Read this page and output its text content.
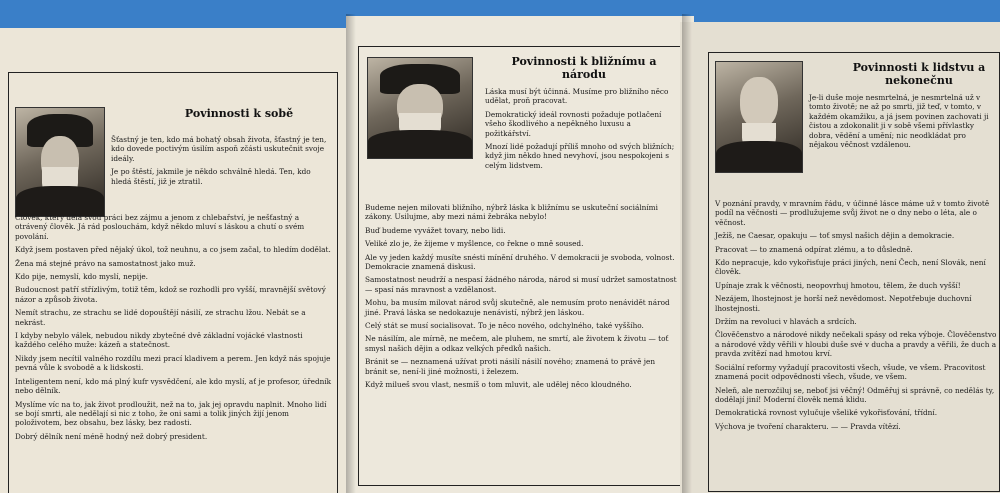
Povinnosti k sobě

Šťastný je ten, kdo má bohatý obsah života, šťastný je ten, kdo dovede poctivým úsilím aspoň zčásti uskutečnit svoje ideály.

Je po štěstí, jakmile je někdo schválně hledá. Ten, kdo hledá štěstí, již je ztratil.

Člověk, který dělá svou práci bez zájmu a jenom z chlebařství, je nešťastný a otrávený člověk. Já rád poslouchám, když někdo mluví s láskou a chutí o svém povolání.

Když jsem postaven před nějaký úkol, tož neuhnu, a co jsem začal, to hledím dodělat.

Žena má stejné právo na samostatnost jako muž.

Kdo pije, nemyslí, kdo myslí, nepije.

Budoucnost patří střízlivým, totiž těm, kdož se rozhodli pro vyšší, mravnější světový názor a způsob života.

Nemít strachu, ze strachu se lidé dopouštějí násilí, ze strachu lžou. Nebát se a nekrást.

I kdyby nebylo válek, nebudou nikdy zbytečné dvě základní vojácké vlastnosti každého celého muže: kázeň a statečnost.

Nikdy jsem necítil valného rozdílu mezi prací kladivem a perem. Jen když nás spojuje pevná vůle k svobodě a k lidskosti.

Inteligentem není, kdo má plný kufr vysvědčení, ale kdo myslí, ať je profesor, úředník nebo dělník.

Myslíme víc na to, jak život prodloužit, než na to, jak jej opravdu naplnit. Mnoho lidí se bojí smrti, ale nedělají si nic z toho, že oni sami a tolik jiných žijí jenom položivotem, bez obsahu, bez lásky, bez radosti.

Dobrý dělník není méně hodný než dobrý president.

Povinnosti k bližnímu a národu

Láska musí být účinná. Musíme pro bližního něco udělat, proň pracovat.

Demokratický ideál rovnosti požaduje potlačení všeho škodlivého a nepěkného luxusu a požitkářství.

Mnozí lidé požadují příliš mnoho od svých bližních; když jim někdo hned nevyhoví, jsou nespokojeni s celým lidstvem.

Budeme nejen milovati bližního, nýbrž láska k bližnímu se uskuteční sociálními zákony. Usilujme, aby mezi námi žebráka nebylo!

Buď budeme vyvážet tovary, nebo lidi.

Veliké zlo je, že žijeme v myšlence, co řekne o mně soused.

Ale vy jeden každý musíte snésti mínění druhého. V demokracii je svoboda, volnost. Demokracie znamená diskusi.

Samostatnost neudrží a nespasí žádného národa, národ si musí udržet samostatnost — spasí nás mravnost a vzdělanost.

Mohu, ba musím milovat národ svůj skutečně, ale nemusím proto nenávidět národ jiné. Pravá láska se nedokazuje nenávistí, nýbrž jen láskou.

Celý stát se musí socialisovat. To je něco nového, odchylného, také vyššího.

Ne násilím, ale mírně, ne mečem, ale pluhem, ne smrtí, ale životem k životu — toť smysl našich dějin a odkaz velkých předků našich.

Bránit se — neznamená užívat proti násilí násilí nového; znamená to právě jen bránit se, není-li jiné možnosti, i železem.

Když milueš svou vlast, nesmíš o tom mluvit, ale udělej něco kloudného.

Povinnosti k lidstvu a nekonečnu

Je-li duše moje nesmrtelná, je nesmrtelná už v tomto životě; ne až po smrti, již teď, v tomto, v každém okamžiku, a já jsem povinen zachovati ji čistou a zdokonalit ji v sobě všemi přívlastky dobra, vědění a umění; nic neodkládat pro nějakou věčnost vzdálenou.

V poznání pravdy, v mravním řádu, v účinné lásce máme už v tomto životě podíl na věčnosti — prodlužujeme svůj život ne o dny nebo o léta, ale o věčnost.

Ježíš, ne Caesar, opakuju — toť smysl našich dějin a demokracie.

Pracovat — to znamená odpírat zlému, a to důsledně.

Kdo nepracuje, kdo vykořisťuje práci jiných, není Čech, není Slovák, není člověk.

Upínaje zrak k věčnosti, neopovrhuj hmotou, tělem, že duch vyšší!

Nezájem, lhostejnost je horší než nevědomost. Nepotřebuje duchovní lhostejnosti.

Držím na revoluci v hlavách a srdcích.

Člověčenstvo a národové nikdy nečekali spásy od reka výboje. Člověčenstvo a národové vždy věřili v hloubi duše své v ducha a pravdy a věřili, že duch a pravda zvítězí nad hmotou krví.

Sociální reformy vyžadují pracovitosti všech, všude, ve všem. Pracovitost znamená pocit odpovědnosti všech, všude, ve všem.

Neleň, ale nerozčiluj se, neboť jsi věčný! Odměřuj si správně, co nedělás ty, dodělají jiní! Moderní člověk nemá klidu.

Demokratická rovnost vylučuje všeliké vykořisťování, třídní.

Výchova je tvoření charakteru. — — Pravda vítězí.
